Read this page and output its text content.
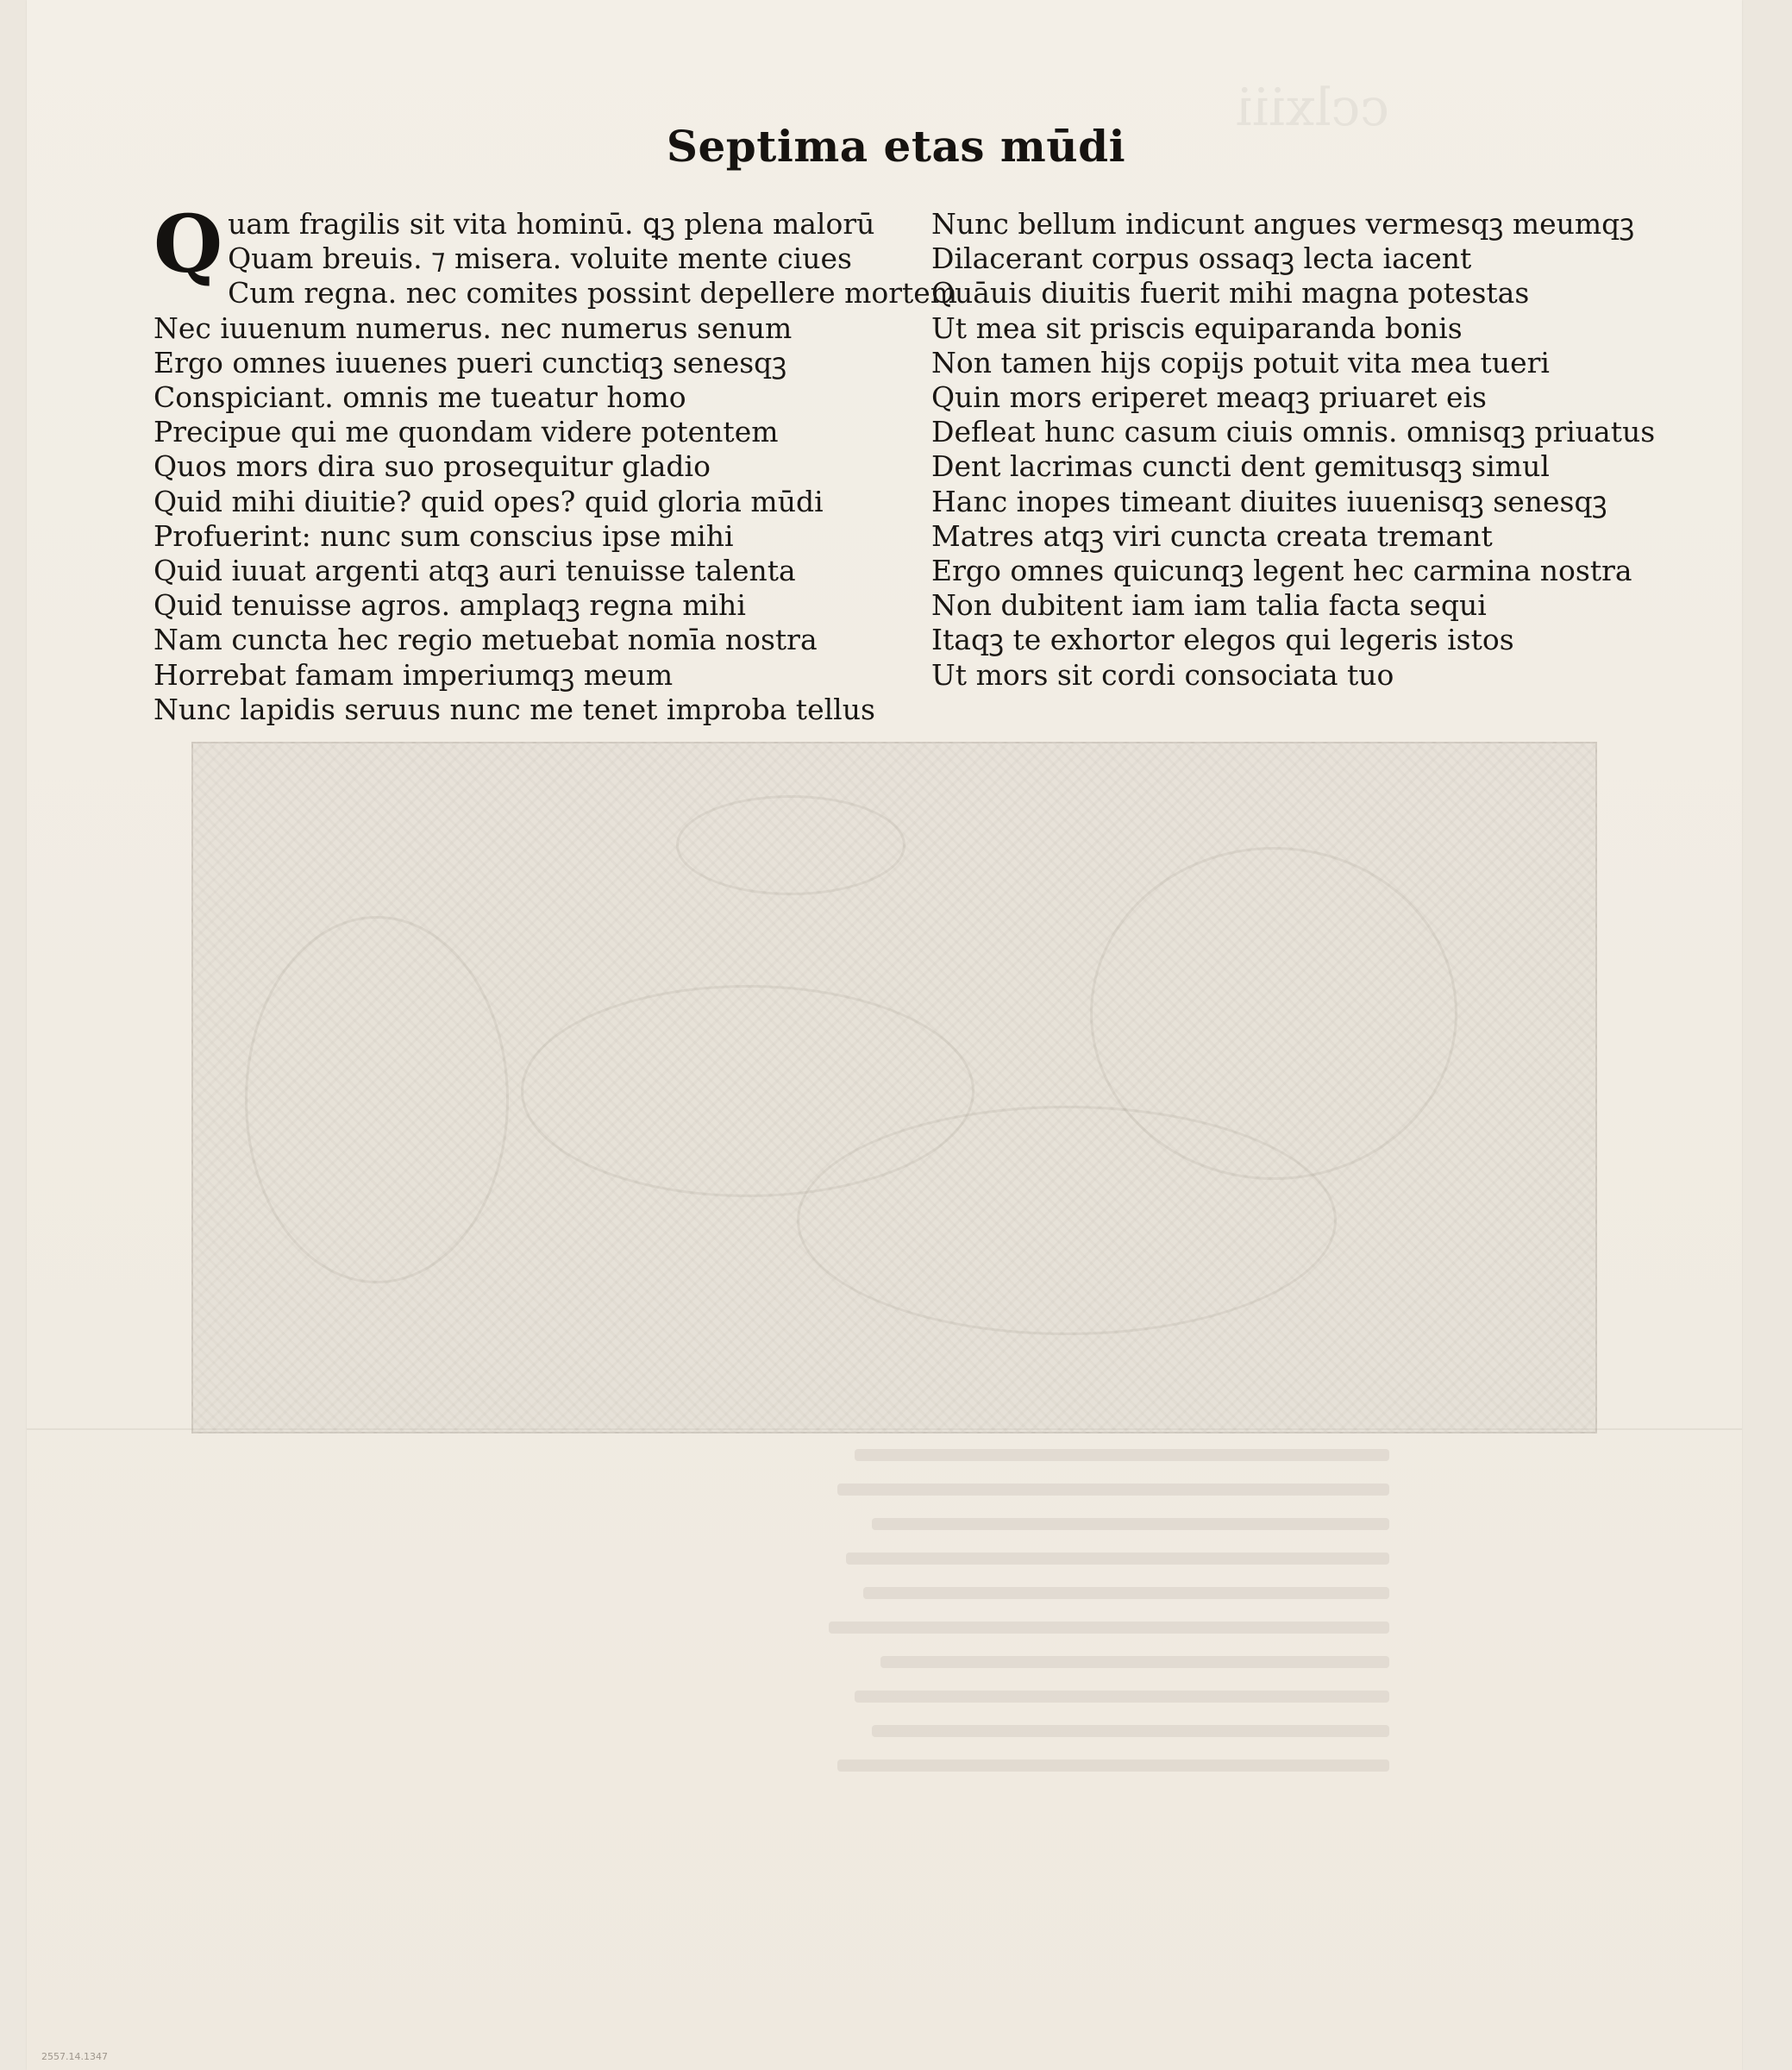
cclxiii
Septima etas mūdi
Q uam fragilis sit vita hominū. ꝗꝫ plena malorū
Quam breuis. ⁊ misera. voluite mente ciues
Cum regna. nec comites possint depellere mortem
Nec iuuenum numerus. nec numerus senum
Ergo omnes iuuenes pueri cunctiqꝫ senesqꝫ
Conspiciant. omnis me tueatur homo
Precipue qui me quondam videre potentem
Quos mors dira suo prosequitur gladio
Quid mihi diuitie? quid opes? quid gloria mūdi
Profuerint: nunc sum conscius ipse mihi
Quid iuuat argenti atqꝫ auri tenuisse talenta
Quid tenuisse agros. amplaqꝫ regna mihi
Nam cuncta hec regio metuebat nomīa nostra
Horrebat famam imperiumqꝫ meum
Nunc lapidis seruus nunc me tenet improba tellus
Nunc bellum indicunt angues vermesqꝫ meumqꝫ
Dilacerant corpus ossaqꝫ lecta iacent
Quāuis diuitis fuerit mihi magna potestas
Ut mea sit priscis equiparanda bonis
Non tamen hijs copijs potuit vita mea tueri
Quin mors eriperet meaqꝫ priuaret eis
Defleat hunc casum ciuis omnis. omnisqꝫ priuatus
Dent lacrimas cuncti dent gemitusqꝫ simul
Hanc inopes timeant diuites iuuenisqꝫ senesqꝫ
Matres atqꝫ viri cuncta creata tremant
Ergo omnes quicunqꝫ legent hec carmina nostra
Non dubitent iam iam talia facta sequi
Itaqꝫ te exhortor elegos qui legeris istos
Ut mors sit cordi consociata tuo
2557.14.1347
